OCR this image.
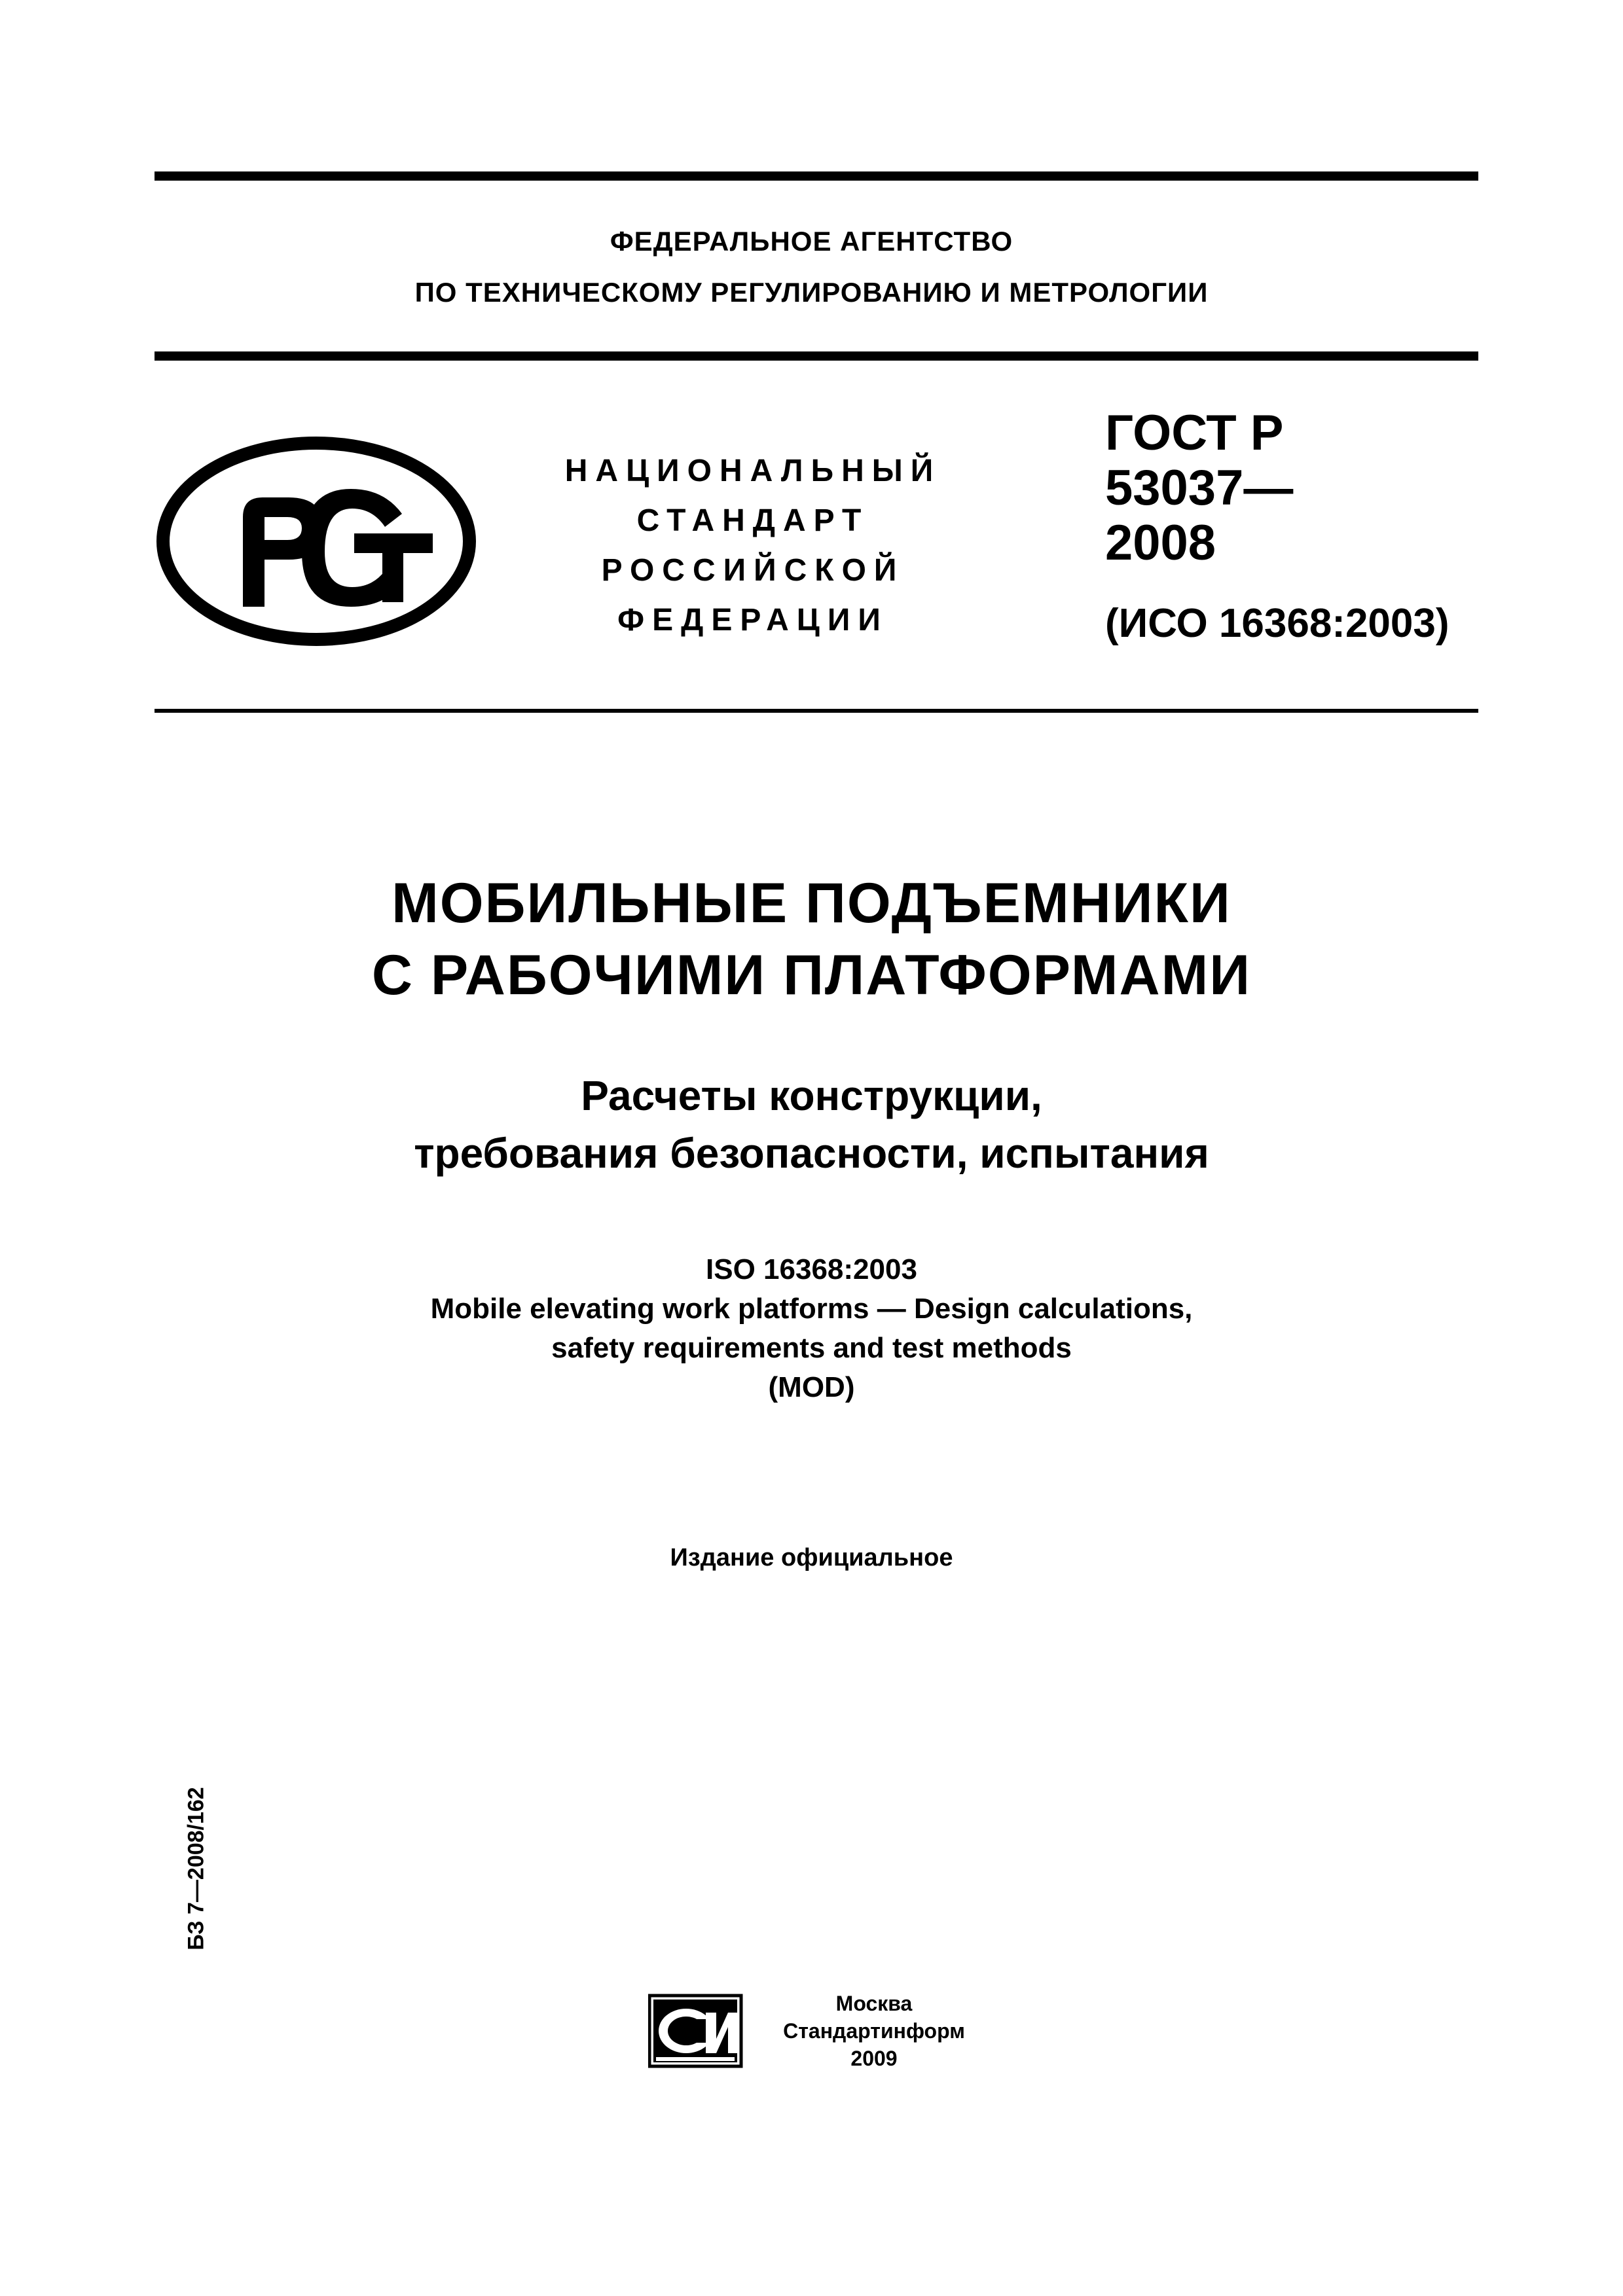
ФЕДЕРАЛЬНОЕ АГЕНТСТВО
ПО ТЕХНИЧЕСКОМУ РЕГУЛИРОВАНИЮ И МЕТРОЛОГИИ
НАЦИОНАЛЬНЫЙ
СТАНДАРТ
РОССИЙСКОЙ
ФЕДЕРАЦИИ
ГОСТ Р
53037—
2008
(ИСО 16368:2003)
МОБИЛЬНЫЕ ПОДЪЕМНИКИ
С РАБОЧИМИ ПЛАТФОРМАМИ
Расчеты конструкции,
требования безопасности, испытания
ISO 16368:2003
Mobile elevating work platforms — Design calculations,
safety requirements and test methods
(MOD)
Издание официальное
БЗ 7—2008/162
Москва
Стандартинформ
2009
